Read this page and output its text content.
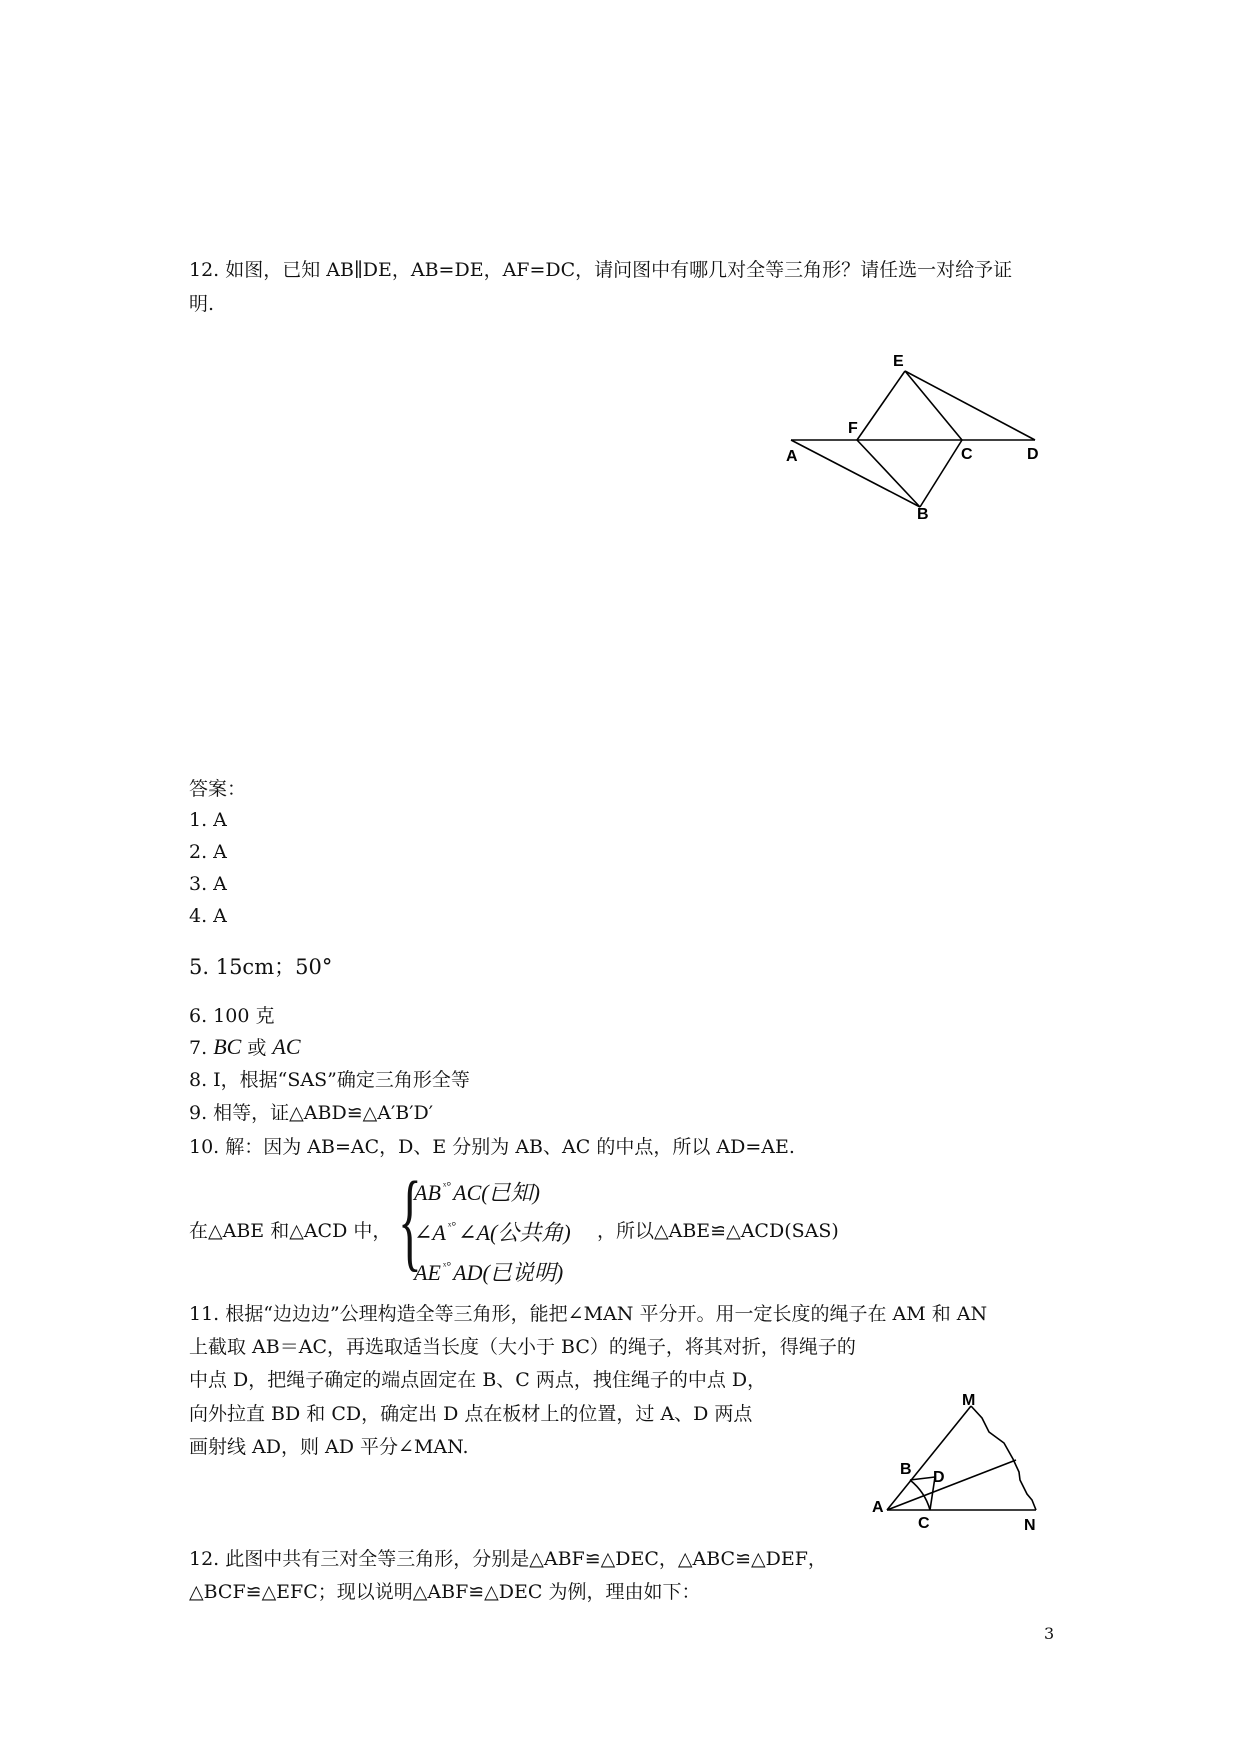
12. 如图，已知 AB∥DE，AB=DE，AF=DC，请问图中有哪几对全等三角形？请任选一对给予证
明.
E
F
A	C	D
B
答案：
1. A
2. A
3. A
4. A
5. 15cm；50°
6. 100 克
7. BC 或 AC
8. Ⅰ，根据“SAS”确定三角形全等
9. 相等，证△ABD≌△A′B′D′
10. 解：因为 AB=AC，D、E 分别为 AB、AC 的中点，所以 AD=AE.
在△ABE 和△ACD 中， {
AB $^{ˣ^\circ}$AC(已知)
∠A $^{ˣ^\circ}$∠A(公共角)
AE $^{ˣ^\circ}$AD(已说明)
，所以△ABE≌△ACD(SAS)
11. 根据“边边边”公理构造全等三角形，能把∠MAN 平分开。用一定长度的绳子在 AM 和 AN
上截取 AB＝AC，再选取适当长度（大小于 BC）的绳子，将其对折，得绳子的
中点 D，把绳子确定的端点固定在 B、C 两点，拽住绳子的中点 D，
向外拉直 BD 和 CD，确定出 D 点在板材上的位置，过 A、D 两点
画射线 AD，则 AD 平分∠MAN.
M
B D
A
C	N
12. 此图中共有三对全等三角形，分别是△ABF≌△DEC，△ABC≌△DEF，
△BCF≌△EFC；现以说明△ABF≌△DEC 为例，理由如下：
3
